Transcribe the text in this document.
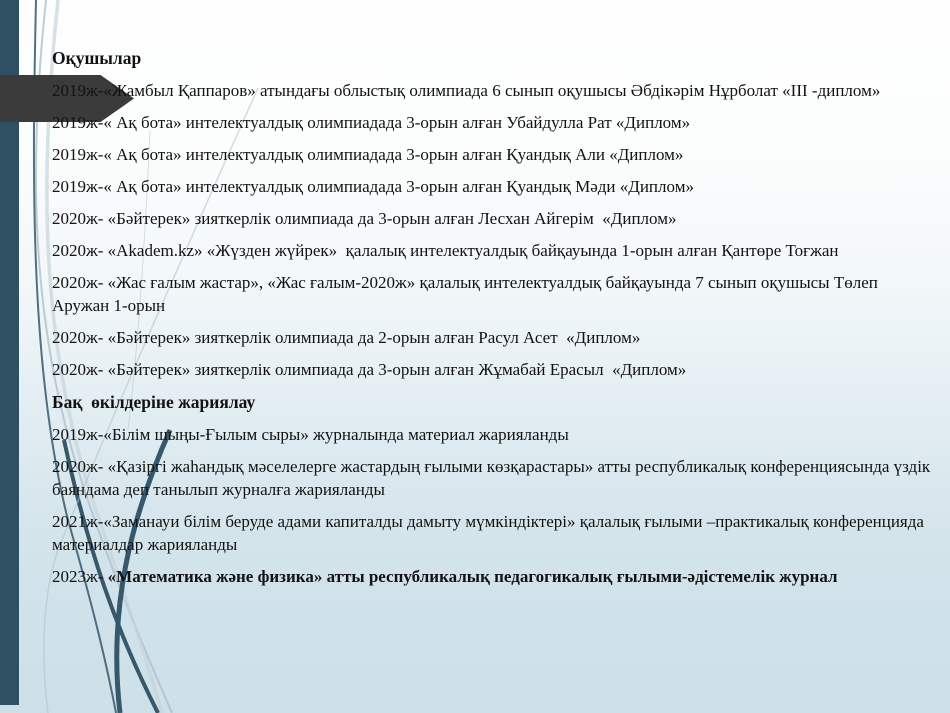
Оқушылар

2019ж-«Жамбыл Қаппаров» атындағы облыстық олимпиада 6 сынып оқушысы Әбдікәрім Нұрболат «ІІІ -диплом»

2019ж-« Ақ бота» интелектуалдық олимпиадада 3-орын алған Убайдулла Рат «Диплом»

2019ж-« Ақ бота» интелектуалдық олимпиадада 3-орын алған Қуандық Али «Диплом»

2019ж-« Ақ бота» интелектуалдық олимпиадада 3-орын алған Қуандық Мәди «Диплом»

2020ж- «Бәйтерек» зияткерлік олимпиада да 3-орын алған Лесхан Айгерім  «Диплом»

2020ж- «Akadem.kz» «Жүзден жүйрек»  қалалық интелектуалдық байқауында 1-орын алған Қантөре Тоғжан

2020ж- «Жас ғалым жастар», «Жас ғалым-2020ж» қалалық интелектуалдық байқауында 7 сынып оқушысы Төлеп Аружан 1-орын

2020ж- «Бәйтерек» зияткерлік олимпиада да 2-орын алған Расул Асет  «Диплом»

2020ж- «Бәйтерек» зияткерлік олимпиада да 3-орын алған Жұмабай Ерасыл  «Диплом»

Бақ  өкілдеріне жариялау

2019ж-«Білім шыңы-Ғылым сыры» журналында материал жарияланды

2020ж- «Қазіргі жаһандық мәселелерге жастардың ғылыми көзқарастары» атты республикалық конференциясында үздік баяндама деп танылып журналға жарияланды

2021ж-«Заманауи білім беруде адами капиталды дамыту мүмкіндіктері» қалалық ғылыми –практикалық конференцияда материалдар жарияланды

2023ж- «Математика және физика» атты республикалық педагогикалық ғылыми-әдістемелік журнал
